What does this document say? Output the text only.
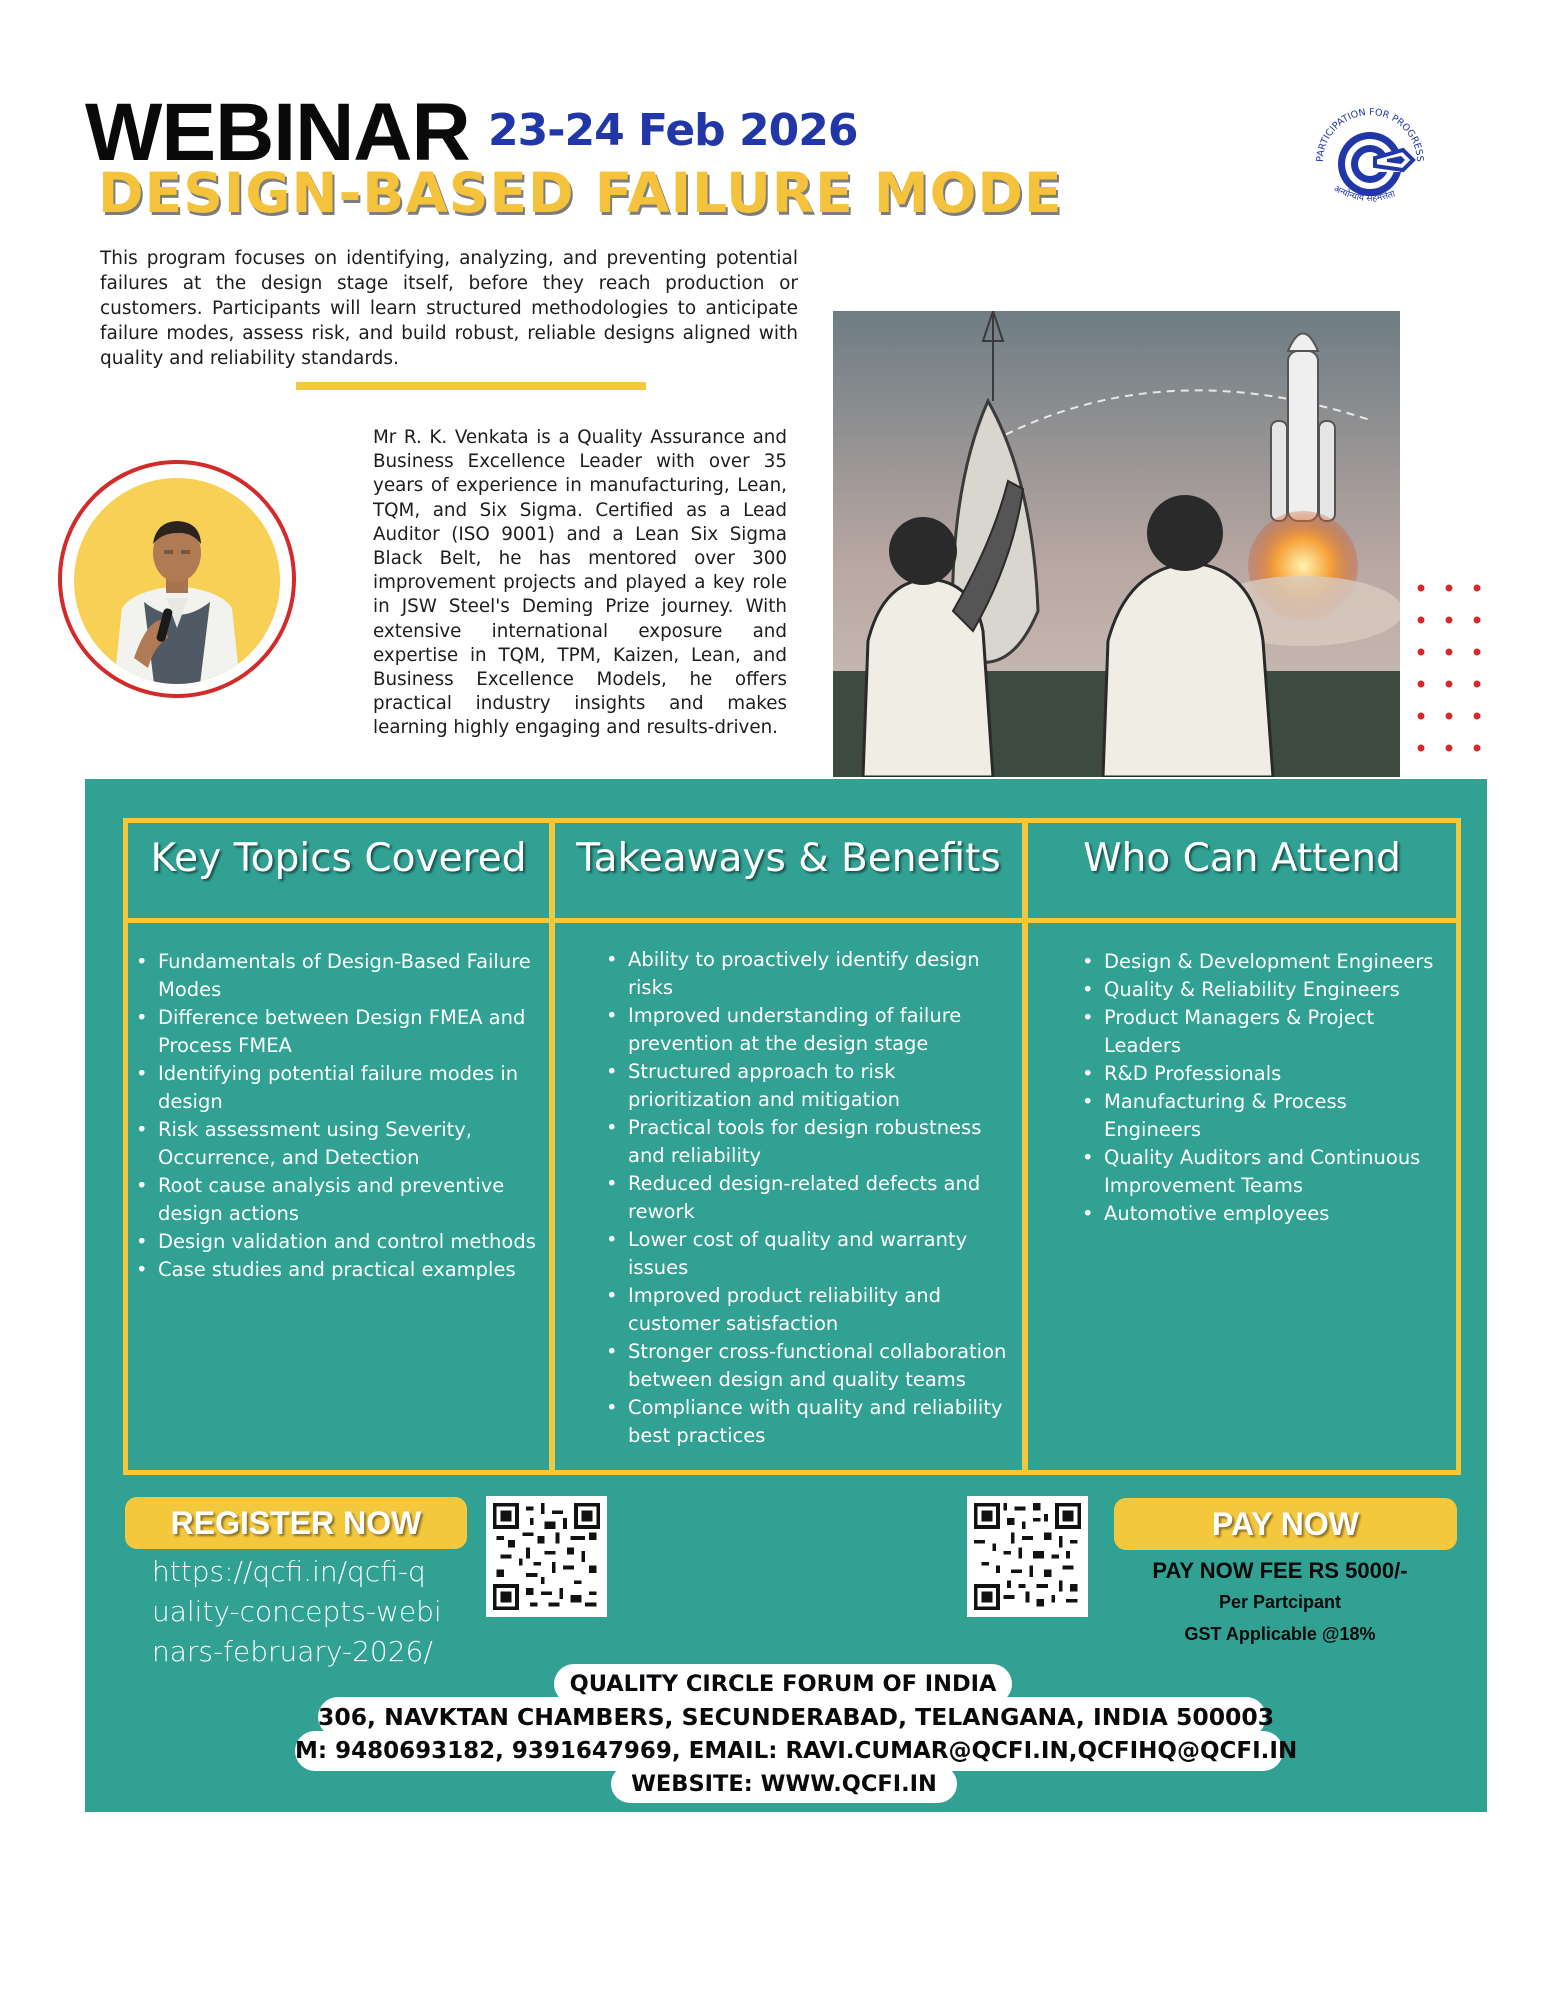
WEBINAR 23-24 Feb 2026
DESIGN-BASED FAILURE MODE
PARTICIPATION FOR PROGRESS
अन्योन्याय सहमत्तेता
This program focuses on identifying, analyzing, and preventing potential failures at the design stage itself, before they reach production or customers. Participants will learn structured methodologies to anticipate failure modes, assess risk, and build robust, reliable designs aligned with quality and reliability standards.
Mr R. K. Venkata is a Quality Assurance and Business Excellence Leader with over 35 years of experience in manufacturing, Lean, TQM, and Six Sigma. Certified as a Lead Auditor (ISO 9001) and a Lean Six Sigma Black Belt, he has mentored over 300 improvement projects and played a key role in JSW Steel's Deming Prize journey. With extensive international exposure and expertise in TQM, TPM, Kaizen, Lean, and Business Excellence Models, he offers practical industry insights and makes learning highly engaging and results-driven.
Key Topics Covered	Takeaways & Benefits	Who Can Attend
• Fundamentals of Design-Based Failure Modes
• Difference between Design FMEA and Process FMEA
• Identifying potential failure modes in design
• Risk assessment using Severity, Occurrence, and Detection
• Root cause analysis and preventive design actions
• Design validation and control methods
• Case studies and practical examples
• Ability to proactively identify design risks
• Improved understanding of failure prevention at the design stage
• Structured approach to risk prioritization and mitigation
• Practical tools for design robustness and reliability
• Reduced design-related defects and rework
• Lower cost of quality and warranty issues
• Improved product reliability and customer satisfaction
• Stronger cross-functional collaboration between design and quality teams
• Compliance with quality and reliability best practices
• Design & Development Engineers
• Quality & Reliability Engineers
• Product Managers & Project Leaders
• R&D Professionals
• Manufacturing & Process Engineers
• Quality Auditors and Continuous Improvement Teams
• Automotive employees
REGISTER NOW
https://qcfi.in/qcfi-quality-concepts-webinars-february-2026/
PAY NOW
PAY NOW FEE RS 5000/-
Per Partcipant
GST Applicable @18%
QUALITY CIRCLE FORUM OF INDIA
306, NAVKTAN CHAMBERS, SECUNDERABAD, TELANGANA, INDIA 500003
M: 9480693182, 9391647969, EMAIL: RAVI.CUMAR@QCFI.IN,QCFIHQ@QCFI.IN
WEBSITE: WWW.QCFI.IN
